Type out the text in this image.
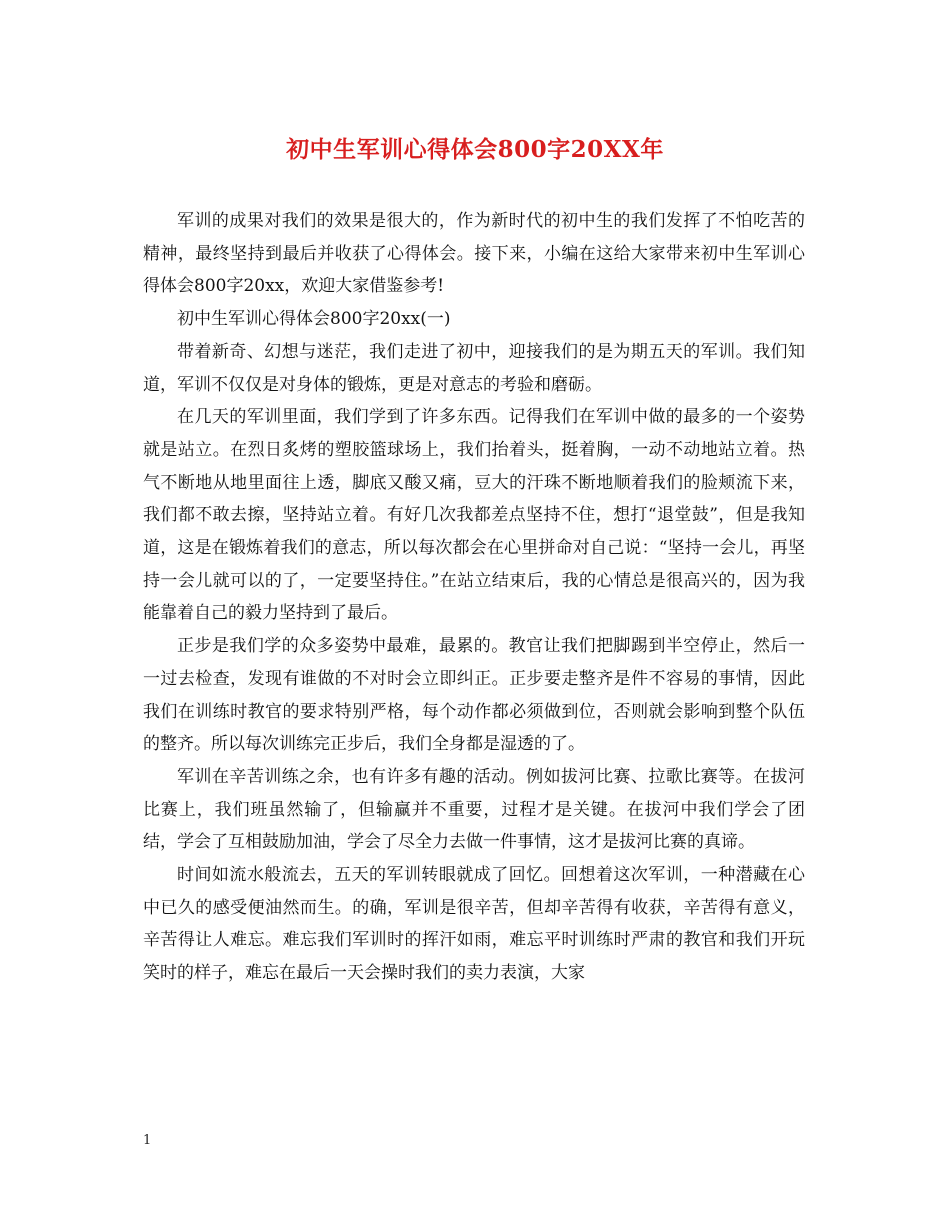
初中生军训心得体会800字20XX年

军训的成果对我们的效果是很大的，作为新时代的初中生的我们发挥了不怕吃苦的精神，最终坚持到最后并收获了心得体会。接下来，小编在这给大家带来初中生军训心得体会800字20xx，欢迎大家借鉴参考!

初中生军训心得体会800字20xx(一)

带着新奇、幻想与迷茫，我们走进了初中，迎接我们的是为期五天的军训。我们知道，军训不仅仅是对身体的锻炼，更是对意志的考验和磨砺。

在几天的军训里面，我们学到了许多东西。记得我们在军训中做的最多的一个姿势就是站立。在烈日炙烤的塑胶篮球场上，我们抬着头，挺着胸，一动不动地站立着。热气不断地从地里面往上透，脚底又酸又痛，豆大的汗珠不断地顺着我们的脸颊流下来，我们都不敢去擦，坚持站立着。有好几次我都差点坚持不住，想打“退堂鼓”，但是我知道，这是在锻炼着我们的意志，所以每次都会在心里拼命对自己说：“坚持一会儿，再坚持一会儿就可以的了，一定要坚持住。”在站立结束后，我的心情总是很高兴的，因为我能靠着自己的毅力坚持到了最后。

正步是我们学的众多姿势中最难，最累的。教官让我们把脚踢到半空停止，然后一一过去检查，发现有谁做的不对时会立即纠正。正步要走整齐是件不容易的事情，因此我们在训练时教官的要求特别严格，每个动作都必须做到位，否则就会影响到整个队伍的整齐。所以每次训练完正步后，我们全身都是湿透的了。

军训在辛苦训练之余，也有许多有趣的活动。例如拔河比赛、拉歌比赛等。在拔河比赛上，我们班虽然输了，但输赢并不重要，过程才是关键。在拔河中我们学会了团结，学会了互相鼓励加油，学会了尽全力去做一件事情，这才是拔河比赛的真谛。

时间如流水般流去，五天的军训转眼就成了回忆。回想着这次军训，一种潜藏在心中已久的感受便油然而生。的确，军训是很辛苦，但却辛苦得有收获，辛苦得有意义，辛苦得让人难忘。难忘我们军训时的挥汗如雨，难忘平时训练时严肃的教官和我们开玩笑时的样子，难忘在最后一天会操时我们的卖力表演，大家

1
